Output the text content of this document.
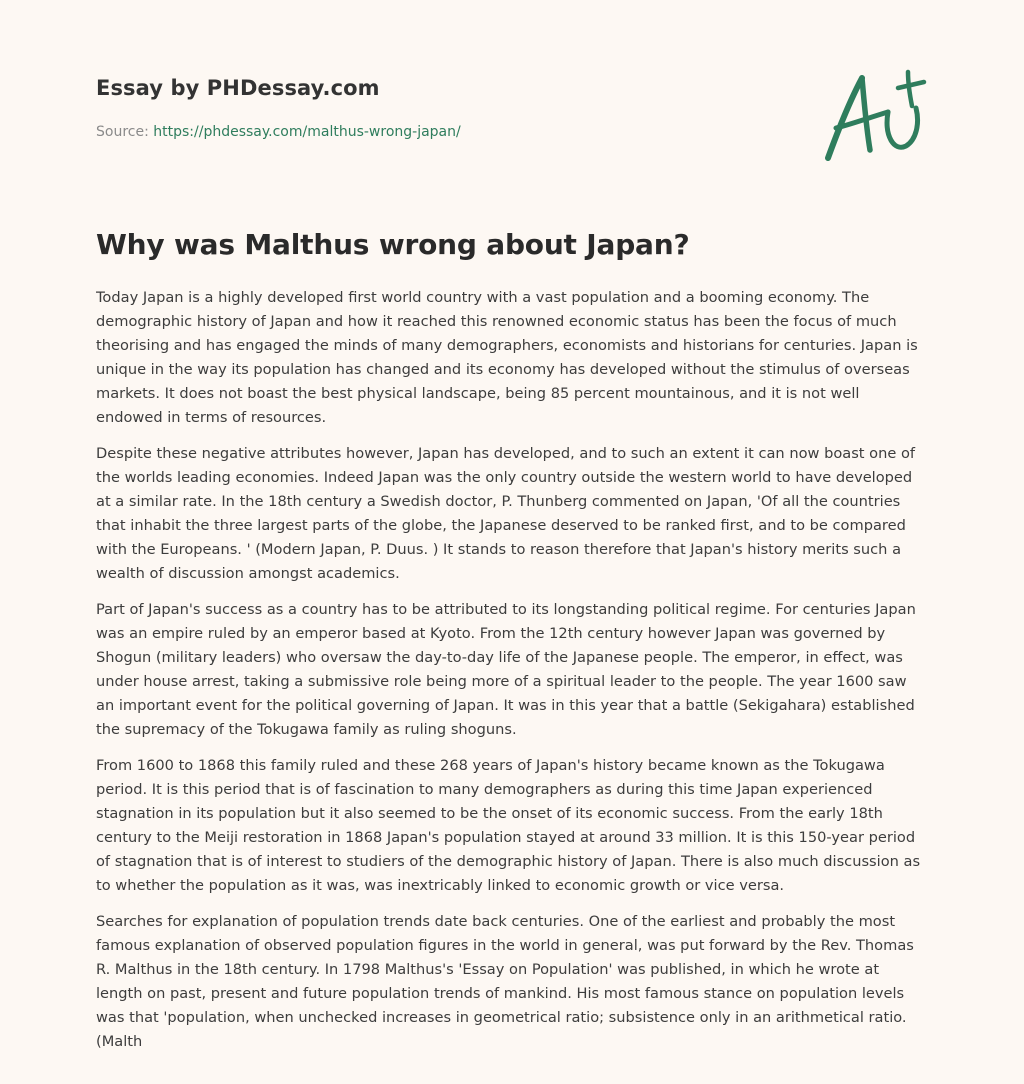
Essay by PHDessay.com
Source: https://phdessay.com/malthus-wrong-japan/
Why was Malthus wrong about Japan?

Today Japan is a highly developed first world country with a vast population and a booming economy. The demographic history of Japan and how it reached this renowned economic status has been the focus of much theorising and has engaged the minds of many demographers, economists and historians for centuries. Japan is unique in the way its population has changed and its economy has developed without the stimulus of overseas markets. It does not boast the best physical landscape, being 85 percent mountainous, and it is not well endowed in terms of resources.

Despite these negative attributes however, Japan has developed, and to such an extent it can now boast one of the worlds leading economies. Indeed Japan was the only country outside the western world to have developed at a similar rate. In the 18th century a Swedish doctor, P. Thunberg commented on Japan, 'Of all the countries that inhabit the three largest parts of the globe, the Japanese deserved to be ranked first, and to be compared with the Europeans. ' (Modern Japan, P. Duus. ) It stands to reason therefore that Japan's history merits such a wealth of discussion amongst academics.

Part of Japan's success as a country has to be attributed to its longstanding political regime. For centuries Japan was an empire ruled by an emperor based at Kyoto. From the 12th century however Japan was governed by Shogun (military leaders) who oversaw the day-to-day life of the Japanese people. The emperor, in effect, was under house arrest, taking a submissive role being more of a spiritual leader to the people. The year 1600 saw an important event for the political governing of Japan. It was in this year that a battle (Sekigahara) established the supremacy of the Tokugawa family as ruling shoguns.

From 1600 to 1868 this family ruled and these 268 years of Japan's history became known as the Tokugawa period. It is this period that is of fascination to many demographers as during this time Japan experienced stagnation in its population but it also seemed to be the onset of its economic success. From the early 18th century to the Meiji restoration in 1868 Japan's population stayed at around 33 million. It is this 150-year period of stagnation that is of interest to studiers of the demographic history of Japan. There is also much discussion as to whether the population as it was, was inextricably linked to economic growth or vice versa.

Searches for explanation of population trends date back centuries. One of the earliest and probably the most famous explanation of observed population figures in the world in general, was put forward by the Rev. Thomas R. Malthus in the 18th century. In 1798 Malthus's 'Essay on Population' was published, in which he wrote at length on past, present and future population trends of mankind. His most famous stance on population levels was that 'population, when unchecked increases in geometrical ratio; subsistence only in an arithmetical ratio. (Malth
